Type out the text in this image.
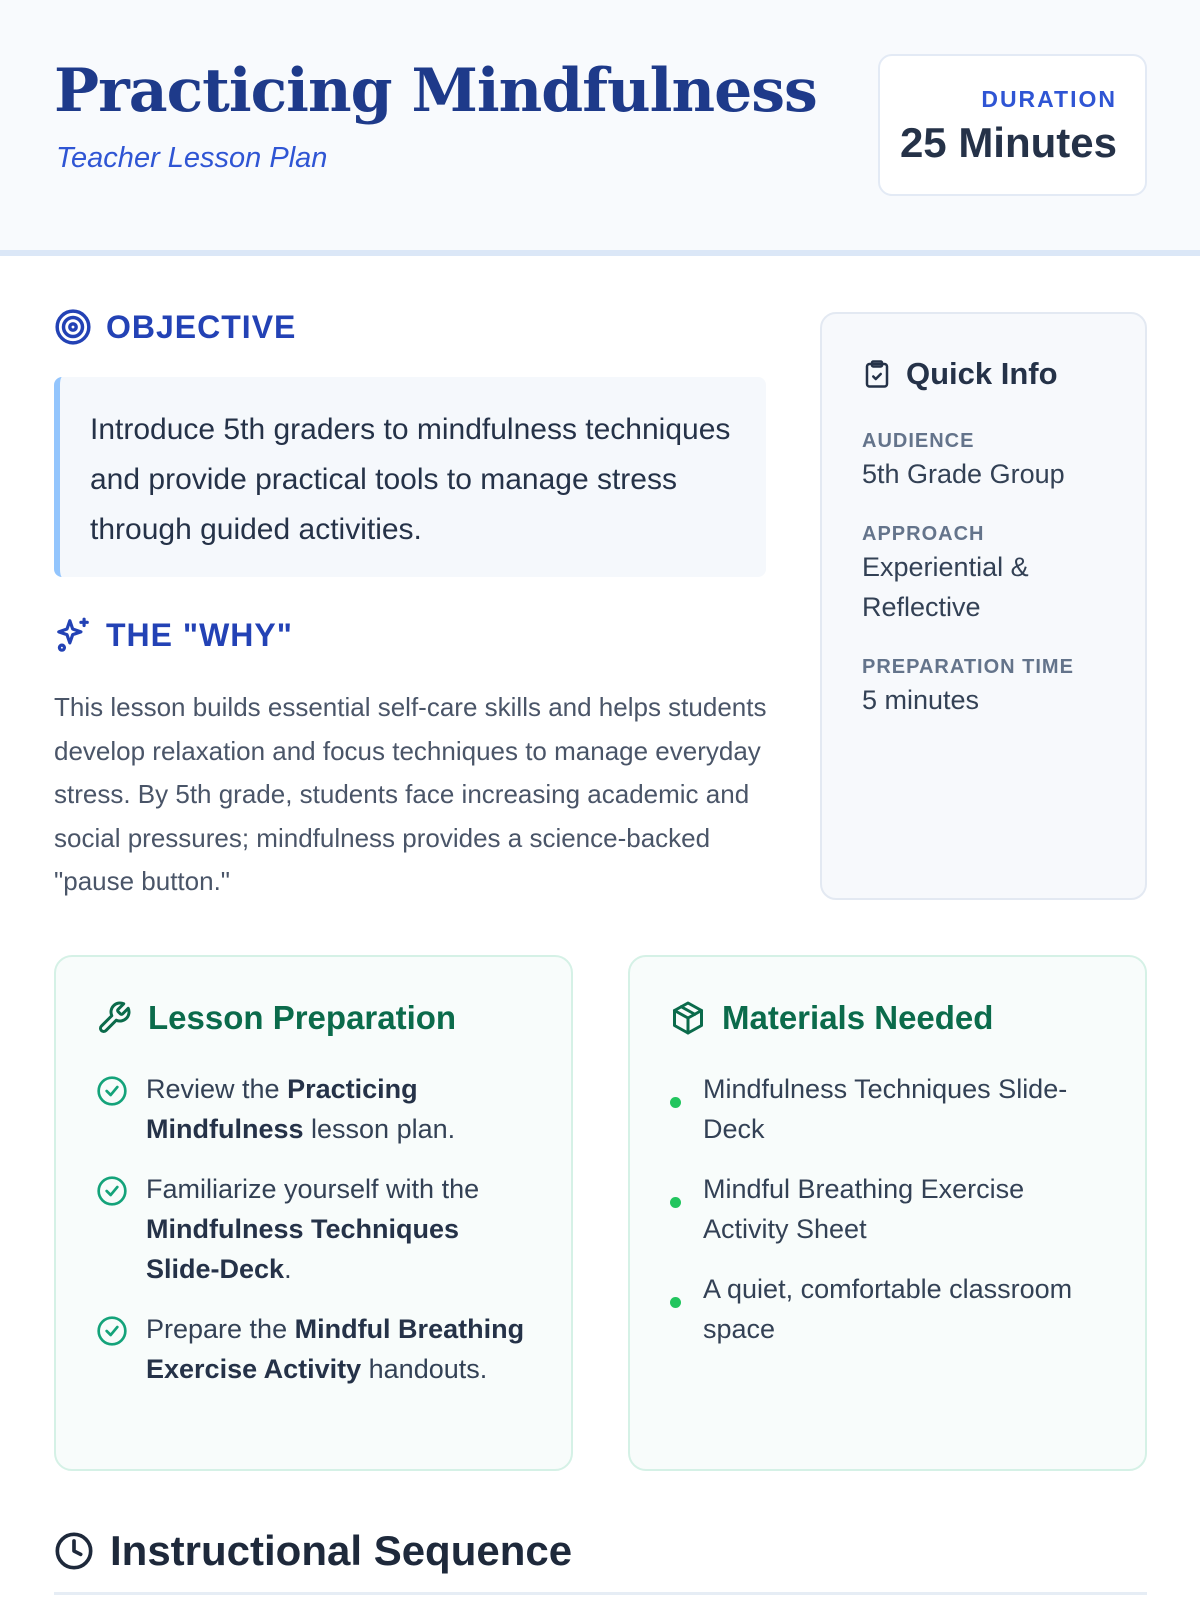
Practicing Mindfulness
Teacher Lesson Plan
DURATION
25 Minutes
OBJECTIVE
Introduce 5th graders to mindfulness techniques and provide practical tools to manage stress through guided activities.
THE "WHY"
This lesson builds essential self-care skills and helps students develop relaxation and focus techniques to manage everyday stress. By 5th grade, students face increasing academic and social pressures; mindfulness provides a science-backed "pause button."
Quick Info
AUDIENCE
5th Grade Group
APPROACH
Experiential & Reflective
PREPARATION TIME
5 minutes
Lesson Preparation
Review the Practicing Mindfulness lesson plan.
Familiarize yourself with the Mindfulness Techniques Slide-Deck.
Prepare the Mindful Breathing Exercise Activity handouts.
Materials Needed
Mindfulness Techniques Slide-Deck
Mindful Breathing Exercise Activity Sheet
A quiet, comfortable classroom space
Instructional Sequence
